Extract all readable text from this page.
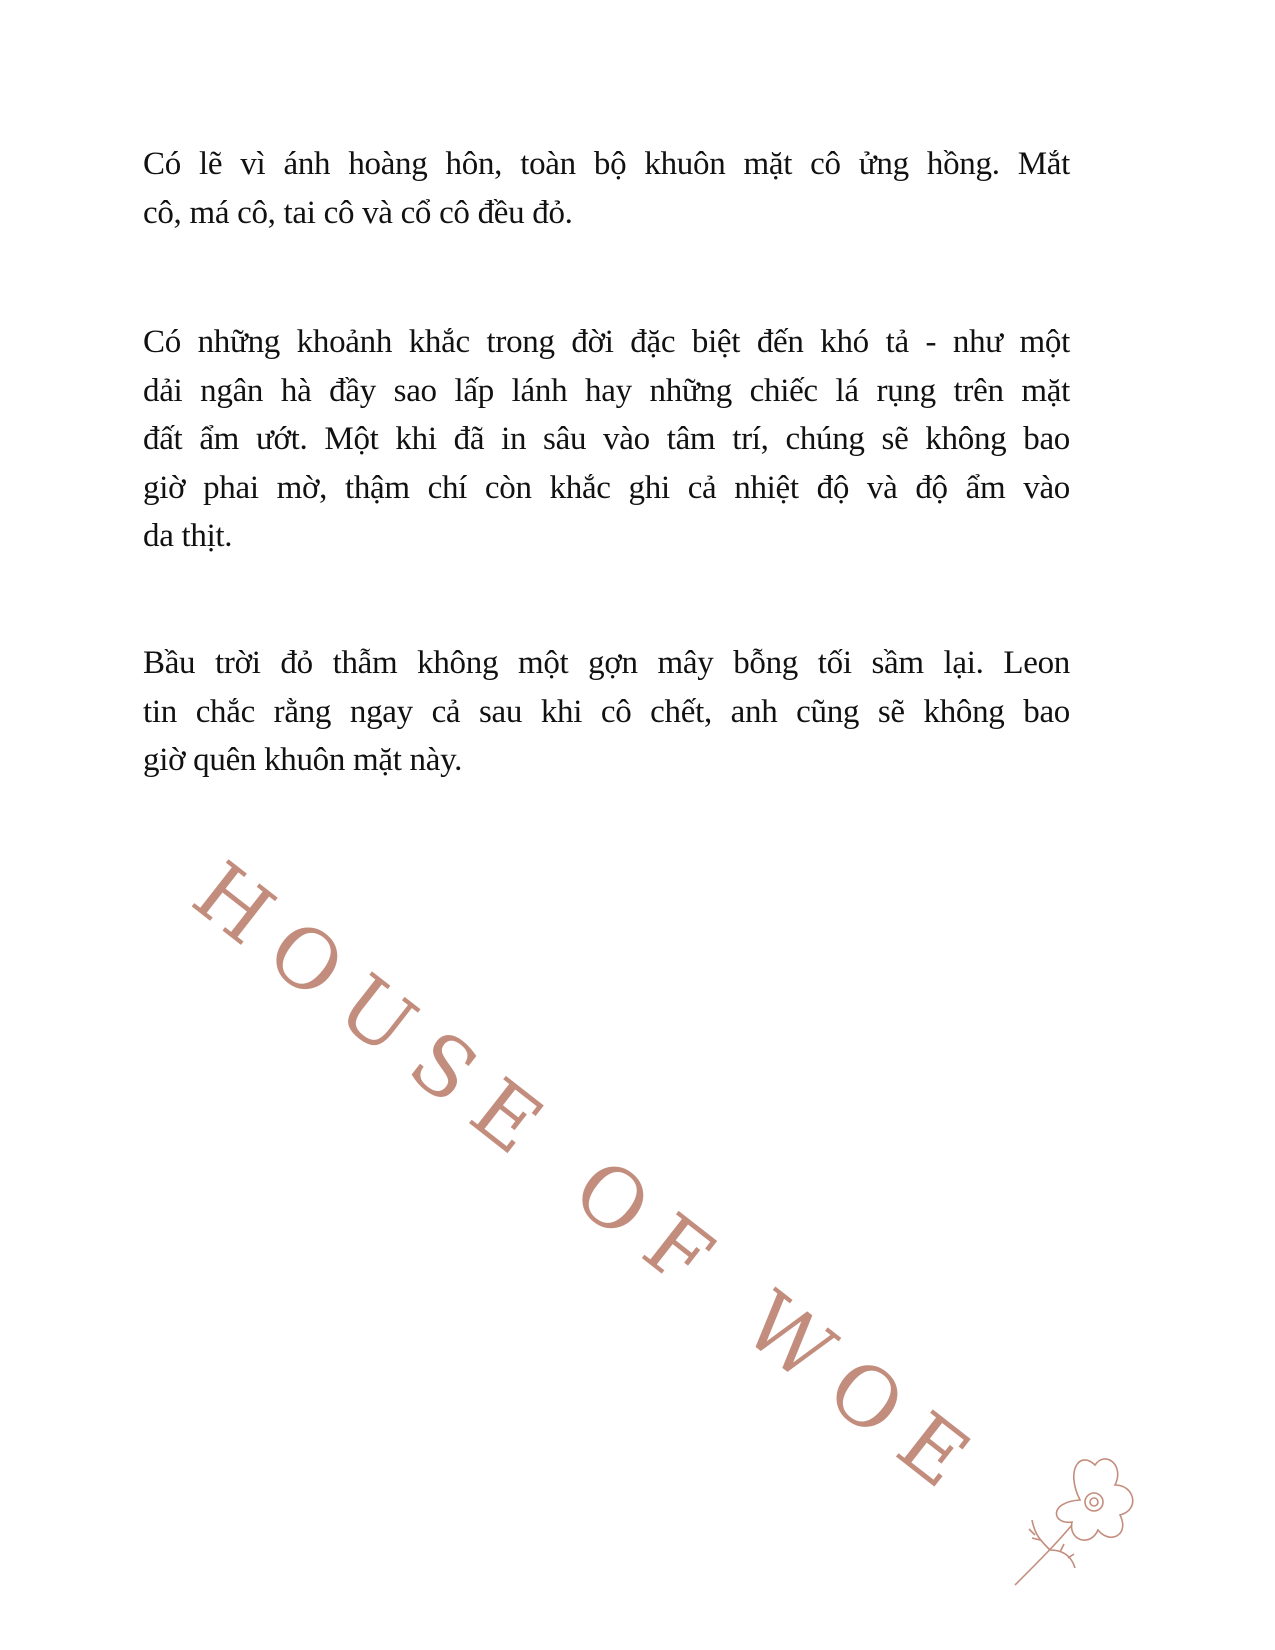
Có lẽ vì ánh hoàng hôn, toàn bộ khuôn mặt cô ửng hồng. Mắt
cô, má cô, tai cô và cổ cô đều đỏ.
Có những khoảnh khắc trong đời đặc biệt đến khó tả - như một
dải ngân hà đầy sao lấp lánh hay những chiếc lá rụng trên mặt
đất ẩm ướt. Một khi đã in sâu vào tâm trí, chúng sẽ không bao
giờ phai mờ, thậm chí còn khắc ghi cả nhiệt độ và độ ẩm vào
da thịt.
Bầu trời đỏ thẫm không một gợn mây bỗng tối sầm lại. Leon
tin chắc rằng ngay cả sau khi cô chết, anh cũng sẽ không bao
giờ quên khuôn mặt này.
HOUSE OF WOE
